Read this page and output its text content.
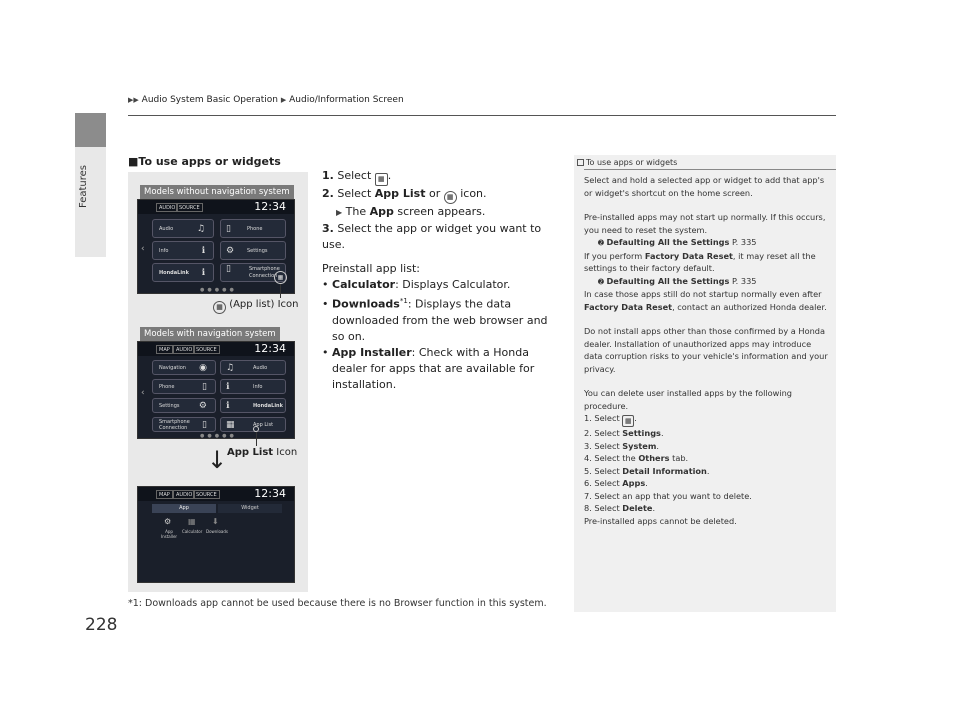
Features
▶▶ Audio System Basic Operation ▶ Audio/Information Screen
■To use apps or widgets
Models without navigation system
AUDIO SOURCE	12:34
‹
Audio	♫	Phone
▯
Info	ℹ	Settings
⚙
HondaLink ℹ	Smartphone Connection
▯
●●●●●
▦
▦ (App list) Icon
Models with navigation system
MAP	AUDIO SOURCE	12:34
‹
Navigation ◉	Audio
♫
Phone	▯	Info
ℹ
Settings ⚙	HondaLink
ℹ
Smartphone Connection	▯	App List
▦
●●●●●
App List Icon
↓
MAP	AUDIO SOURCE	12:34
App	Widget
⚙ ▦ ⬇
App Installer
Calculator Downloads
1. Select ▦ .
2. Select App List or ▦ icon.
▶ The App screen appears.
3. Select the app or widget you want to use.
Preinstall app list:
• Calculator: Displays Calculator.
• Downloads$^{*1}$: Displays the data downloaded from the web browser and so on.
• App Installer: Check with a Honda dealer for apps that are available for installation.
To use apps or widgets

Select and hold a selected app or widget to add that app's or widget's shortcut on the home screen.

Pre-installed apps may not start up normally. If this occurs, you need to reset the system.

➋ Defaulting All the Settings P. 335

If you perform Factory Data Reset, it may reset all the settings to their factory default.

➋ Defaulting All the Settings P. 335

In case those apps still do not startup normally even after Factory Data Reset, contact an authorized Honda dealer.

Do not install apps other than those confirmed by a Honda dealer. Installation of unauthorized apps may introduce data corruption risks to your vehicle's information and your privacy.

You can delete user installed apps by the following procedure.

1. Select ▦ .

2. Select Settings.

3. Select System.

4. Select the Others tab.

5. Select Detail Information.

6. Select Apps.

7. Select an app that you want to delete.

8. Select Delete.

Pre-installed apps cannot be deleted.

*1: Downloads app cannot be used because there is no Browser function in this system.
228
